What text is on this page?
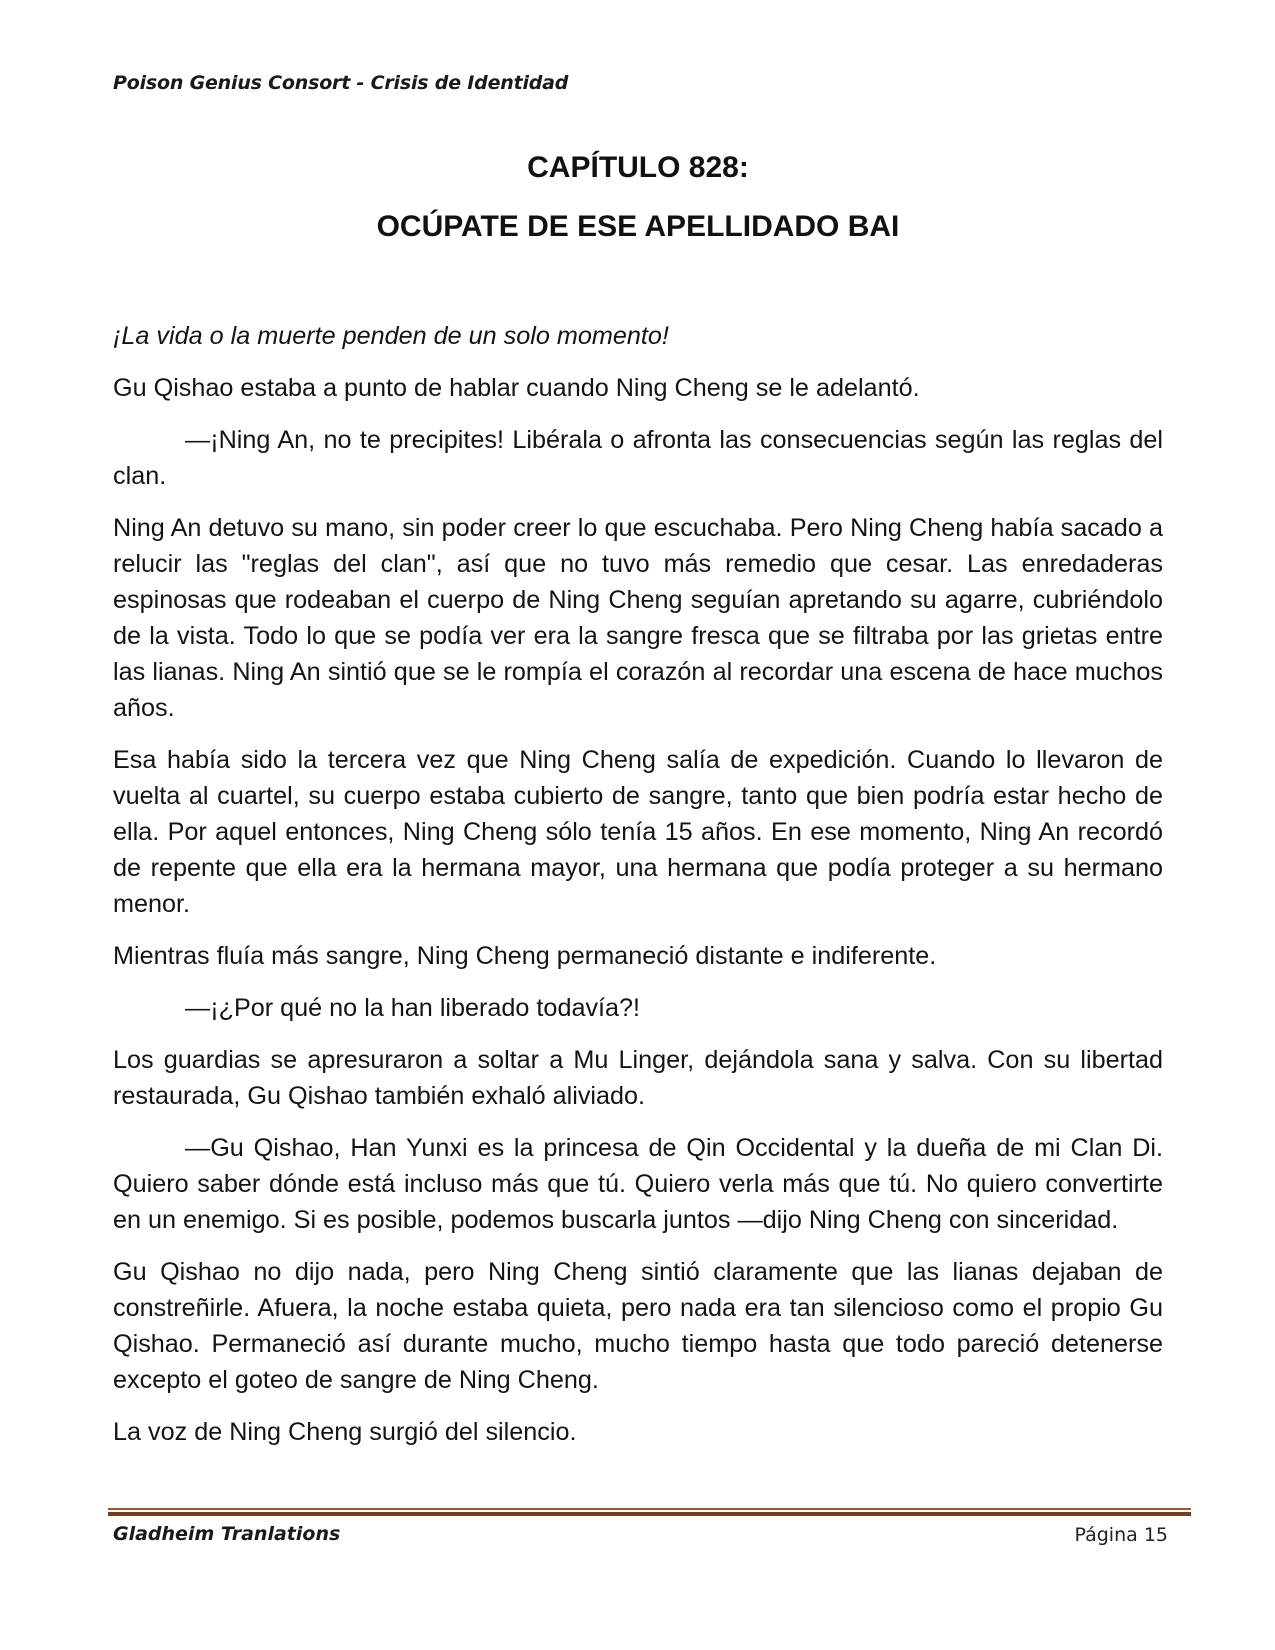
Poison Genius Consort - Crisis de Identidad
CAPÍTULO 828:
OCÚPATE DE ESE APELLIDADO BAI

¡La vida o la muerte penden de un solo momento!

Gu Qishao estaba a punto de hablar cuando Ning Cheng se le adelantó.

—¡Ning An, no te precipites! Libérala o afronta las consecuencias según las reglas del clan.

Ning An detuvo su mano, sin poder creer lo que escuchaba. Pero Ning Cheng había sacado a relucir las "reglas del clan", así que no tuvo más remedio que cesar. Las enredaderas espinosas que rodeaban el cuerpo de Ning Cheng seguían apretando su agarre, cubriéndolo de la vista. Todo lo que se podía ver era la sangre fresca que se filtraba por las grietas entre las lianas. Ning An sintió que se le rompía el corazón al recordar una escena de hace muchos años.

Esa había sido la tercera vez que Ning Cheng salía de expedición. Cuando lo llevaron de vuelta al cuartel, su cuerpo estaba cubierto de sangre, tanto que bien podría estar hecho de ella. Por aquel entonces, Ning Cheng sólo tenía 15 años. En ese momento, Ning An recordó de repente que ella era la hermana mayor, una hermana que podía proteger a su hermano menor.

Mientras fluía más sangre, Ning Cheng permaneció distante e indiferente.

—¡¿Por qué no la han liberado todavía?!

Los guardias se apresuraron a soltar a Mu Linger, dejándola sana y salva. Con su libertad restaurada, Gu Qishao también exhaló aliviado.

—Gu Qishao, Han Yunxi es la princesa de Qin Occidental y la dueña de mi Clan Di. Quiero saber dónde está incluso más que tú. Quiero verla más que tú. No quiero convertirte en un enemigo. Si es posible, podemos buscarla juntos —dijo Ning Cheng con sinceridad.

Gu Qishao no dijo nada, pero Ning Cheng sintió claramente que las lianas dejaban de constreñirle. Afuera, la noche estaba quieta, pero nada era tan silencioso como el propio Gu Qishao. Permaneció así durante mucho, mucho tiempo hasta que todo pareció detenerse excepto el goteo de sangre de Ning Cheng.

La voz de Ning Cheng surgió del silencio.

Gladheim Tranlations	Página 15
